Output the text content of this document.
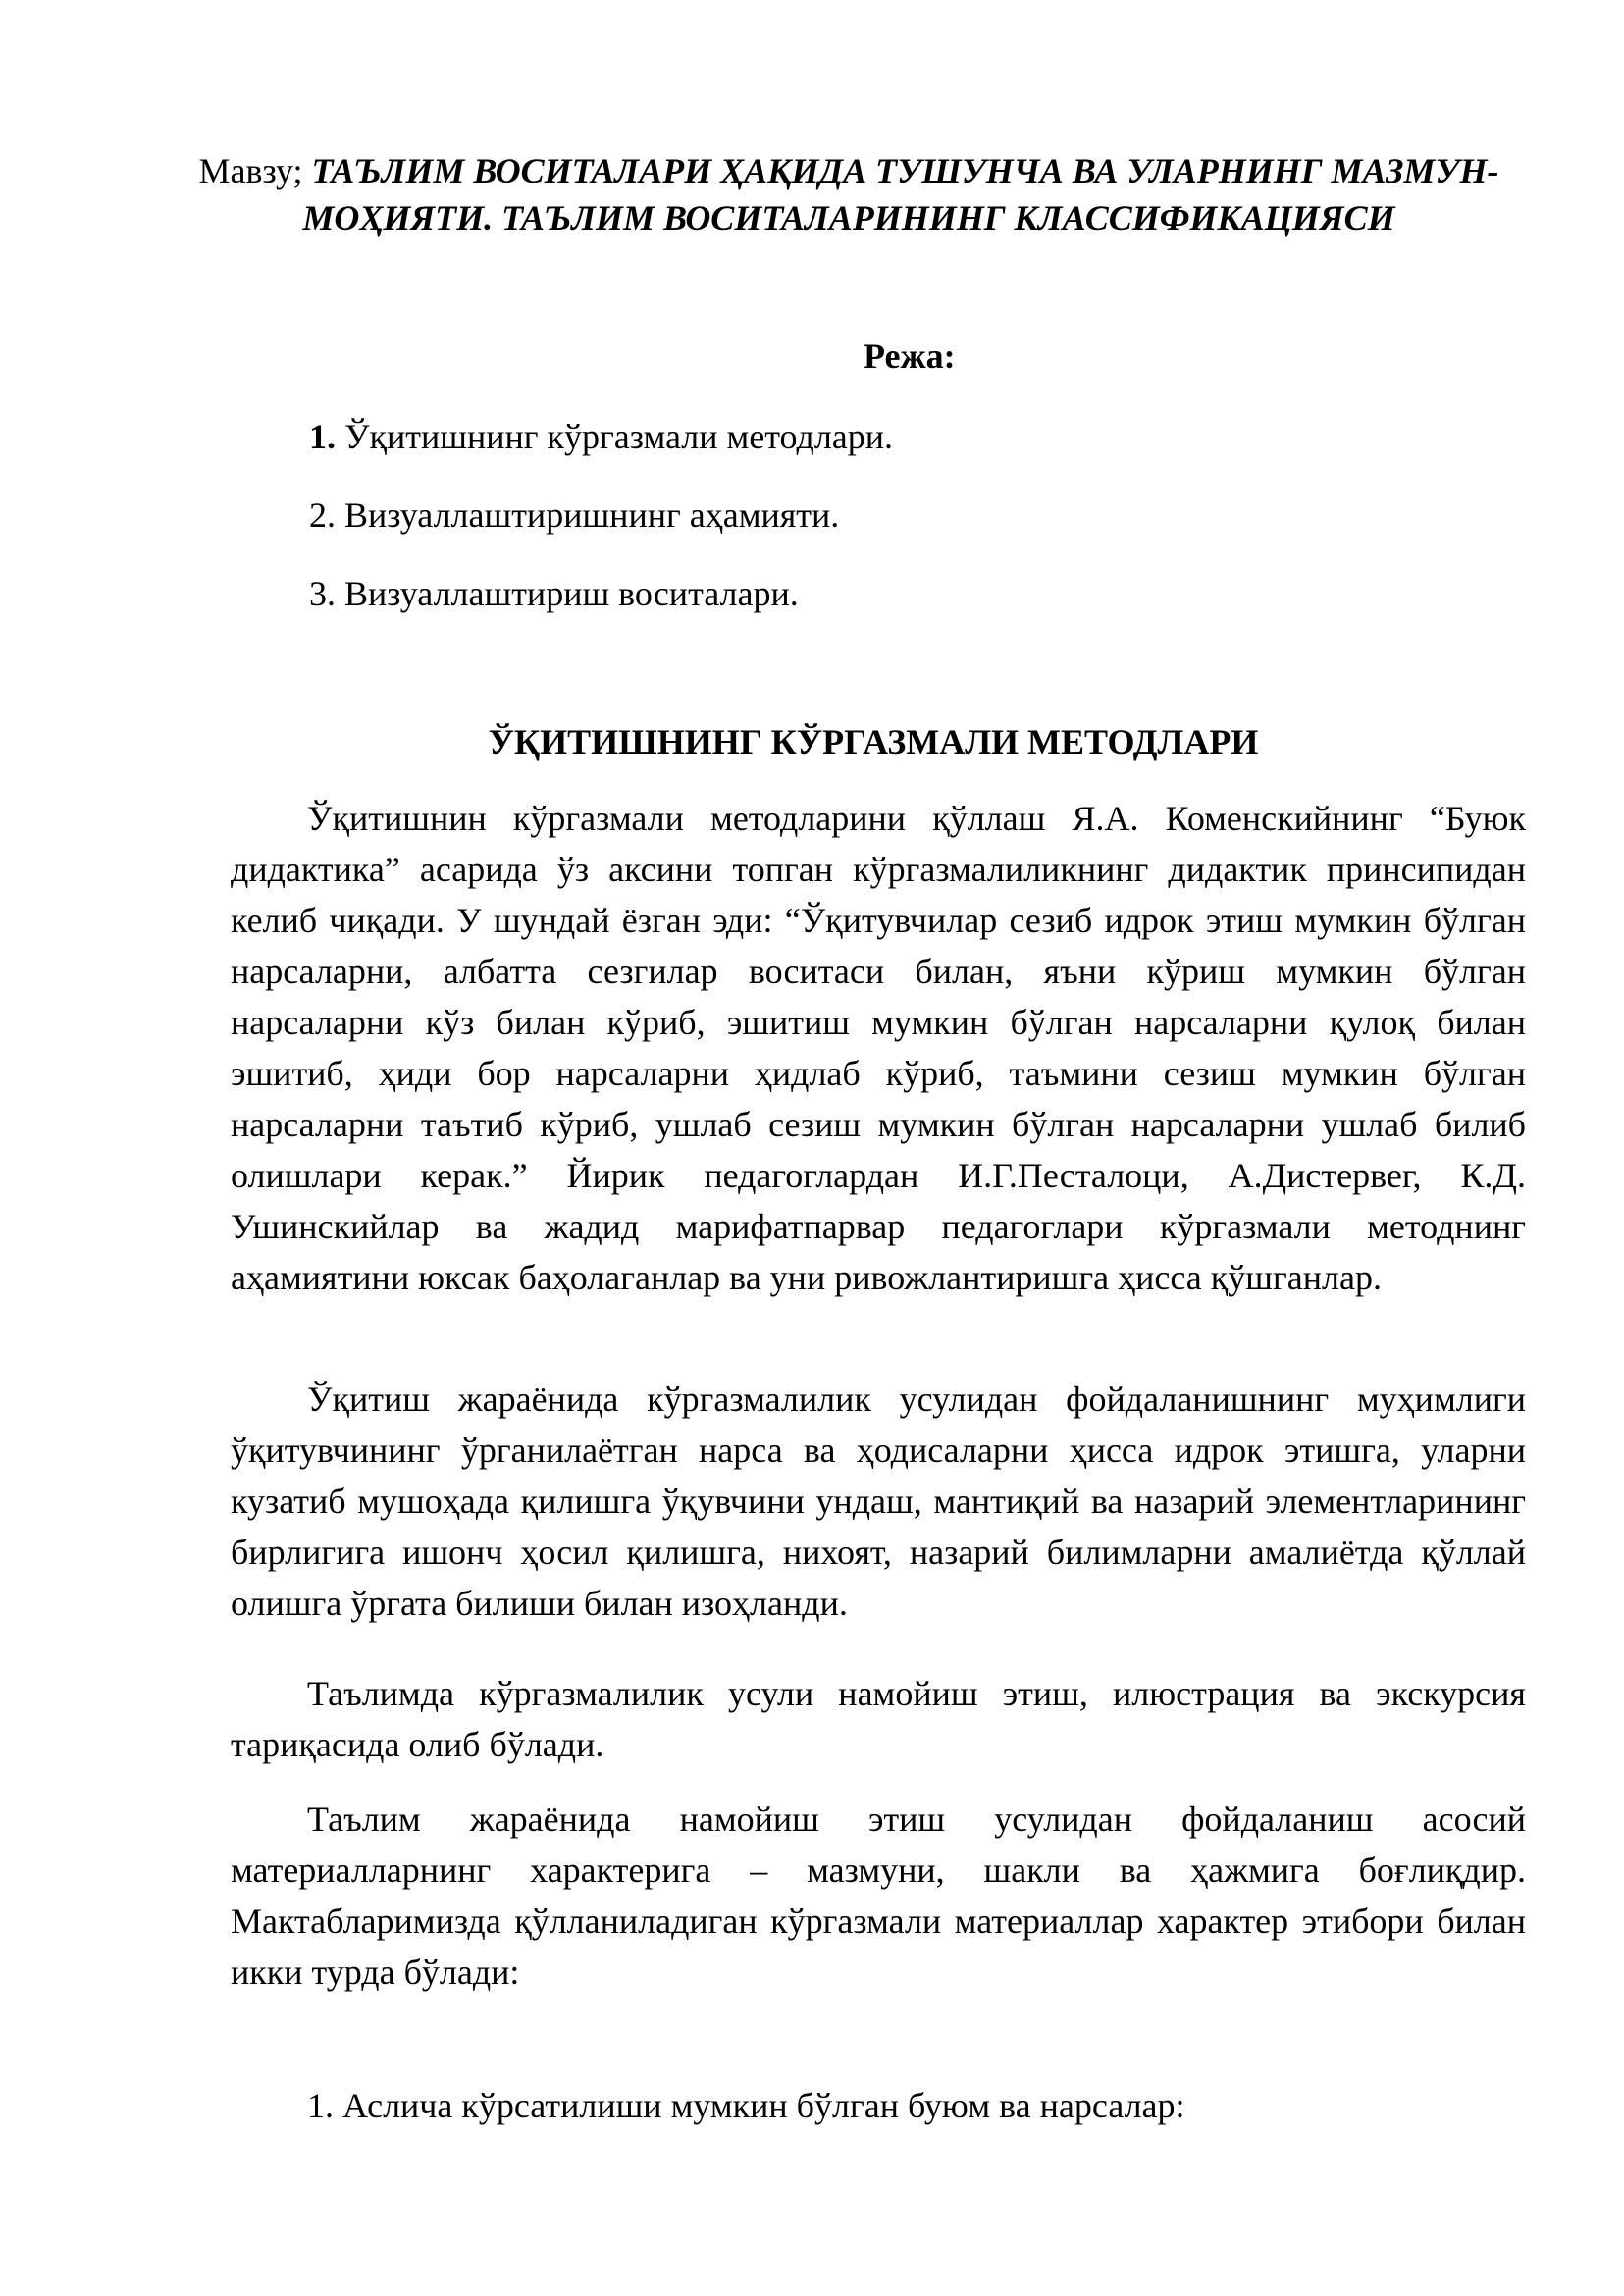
Мавзу; ТАЪЛИМ ВОСИТАЛАРИ ҲАҚИДА ТУШУНЧА ВА УЛАРНИНГ МАЗМУН-МОҲИЯТИ. ТАЪЛИМ ВОСИТАЛАРИНИНГ КЛАССИФИКАЦИЯСИ
Режа:
1. Ўқитишнинг кўргазмали методлари.
2. Визуаллаштиришнинг аҳамияти.
3. Визуаллаштириш воситалари.
ЎҚИТИШНИНГ КЎРГАЗМАЛИ МЕТОДЛАРИ

Ўқитишнин кўргазмали методларини қўллаш Я.А. Коменскийнинг “Буюк дидактика” асарида ўз аксини топган кўргазмалиликнинг дидактик принсипидан келиб чиқади. У шундай ёзган эди: “Ўқитувчилар сезиб идрок этиш мумкин бўлган нарсаларни, албатта сезгилар воситаси билан, яъни кўриш мумкин бўлган нарсаларни кўз билан кўриб, эшитиш мумкин бўлган нарсаларни қулоқ билан эшитиб, ҳиди бор нарсаларни ҳидлаб кўриб, таъмини сезиш мумкин бўлган нарсаларни таътиб кўриб, ушлаб сезиш мумкин бўлган нарсаларни ушлаб билиб олишлари керак.” Йирик педагоглардан И.Г.Песталоци, А.Дистервег, К.Д. Ушинскийлар ва жадид марифатпарвар педагоглари кўргазмали методнинг аҳамиятини юксак баҳолаганлар ва уни ривожлантиришга ҳисса қўшганлар.

Ўқитиш жараёнида кўргазмалилик усулидан фойдаланишнинг муҳимлиги ўқитувчининг ўрганилаётган нарса ва ҳодисаларни ҳисса идрок этишга, уларни кузатиб мушоҳада қилишга ўқувчини ундаш, мантиқий ва назарий элементларининг бирлигига ишонч ҳосил қилишга, нихоят, назарий билимларни амалиётда қўллай олишга ўргата билиши билан изоҳланди.

Таълимда кўргазмалилик усули намойиш этиш, илюстрация ва экскурсия тариқасида олиб бўлади.

Таълим жараёнида намойиш этиш усулидан фойдаланиш асосий материалларнинг характерига – мазмуни, шакли ва ҳажмига боғлиқдир. Мактабларимизда қўлланиладиган кўргазмали материаллар характер этибори билан икки турда бўлади:

1. Аслича кўрсатилиши мумкин бўлган буюм ва нарсалар:
